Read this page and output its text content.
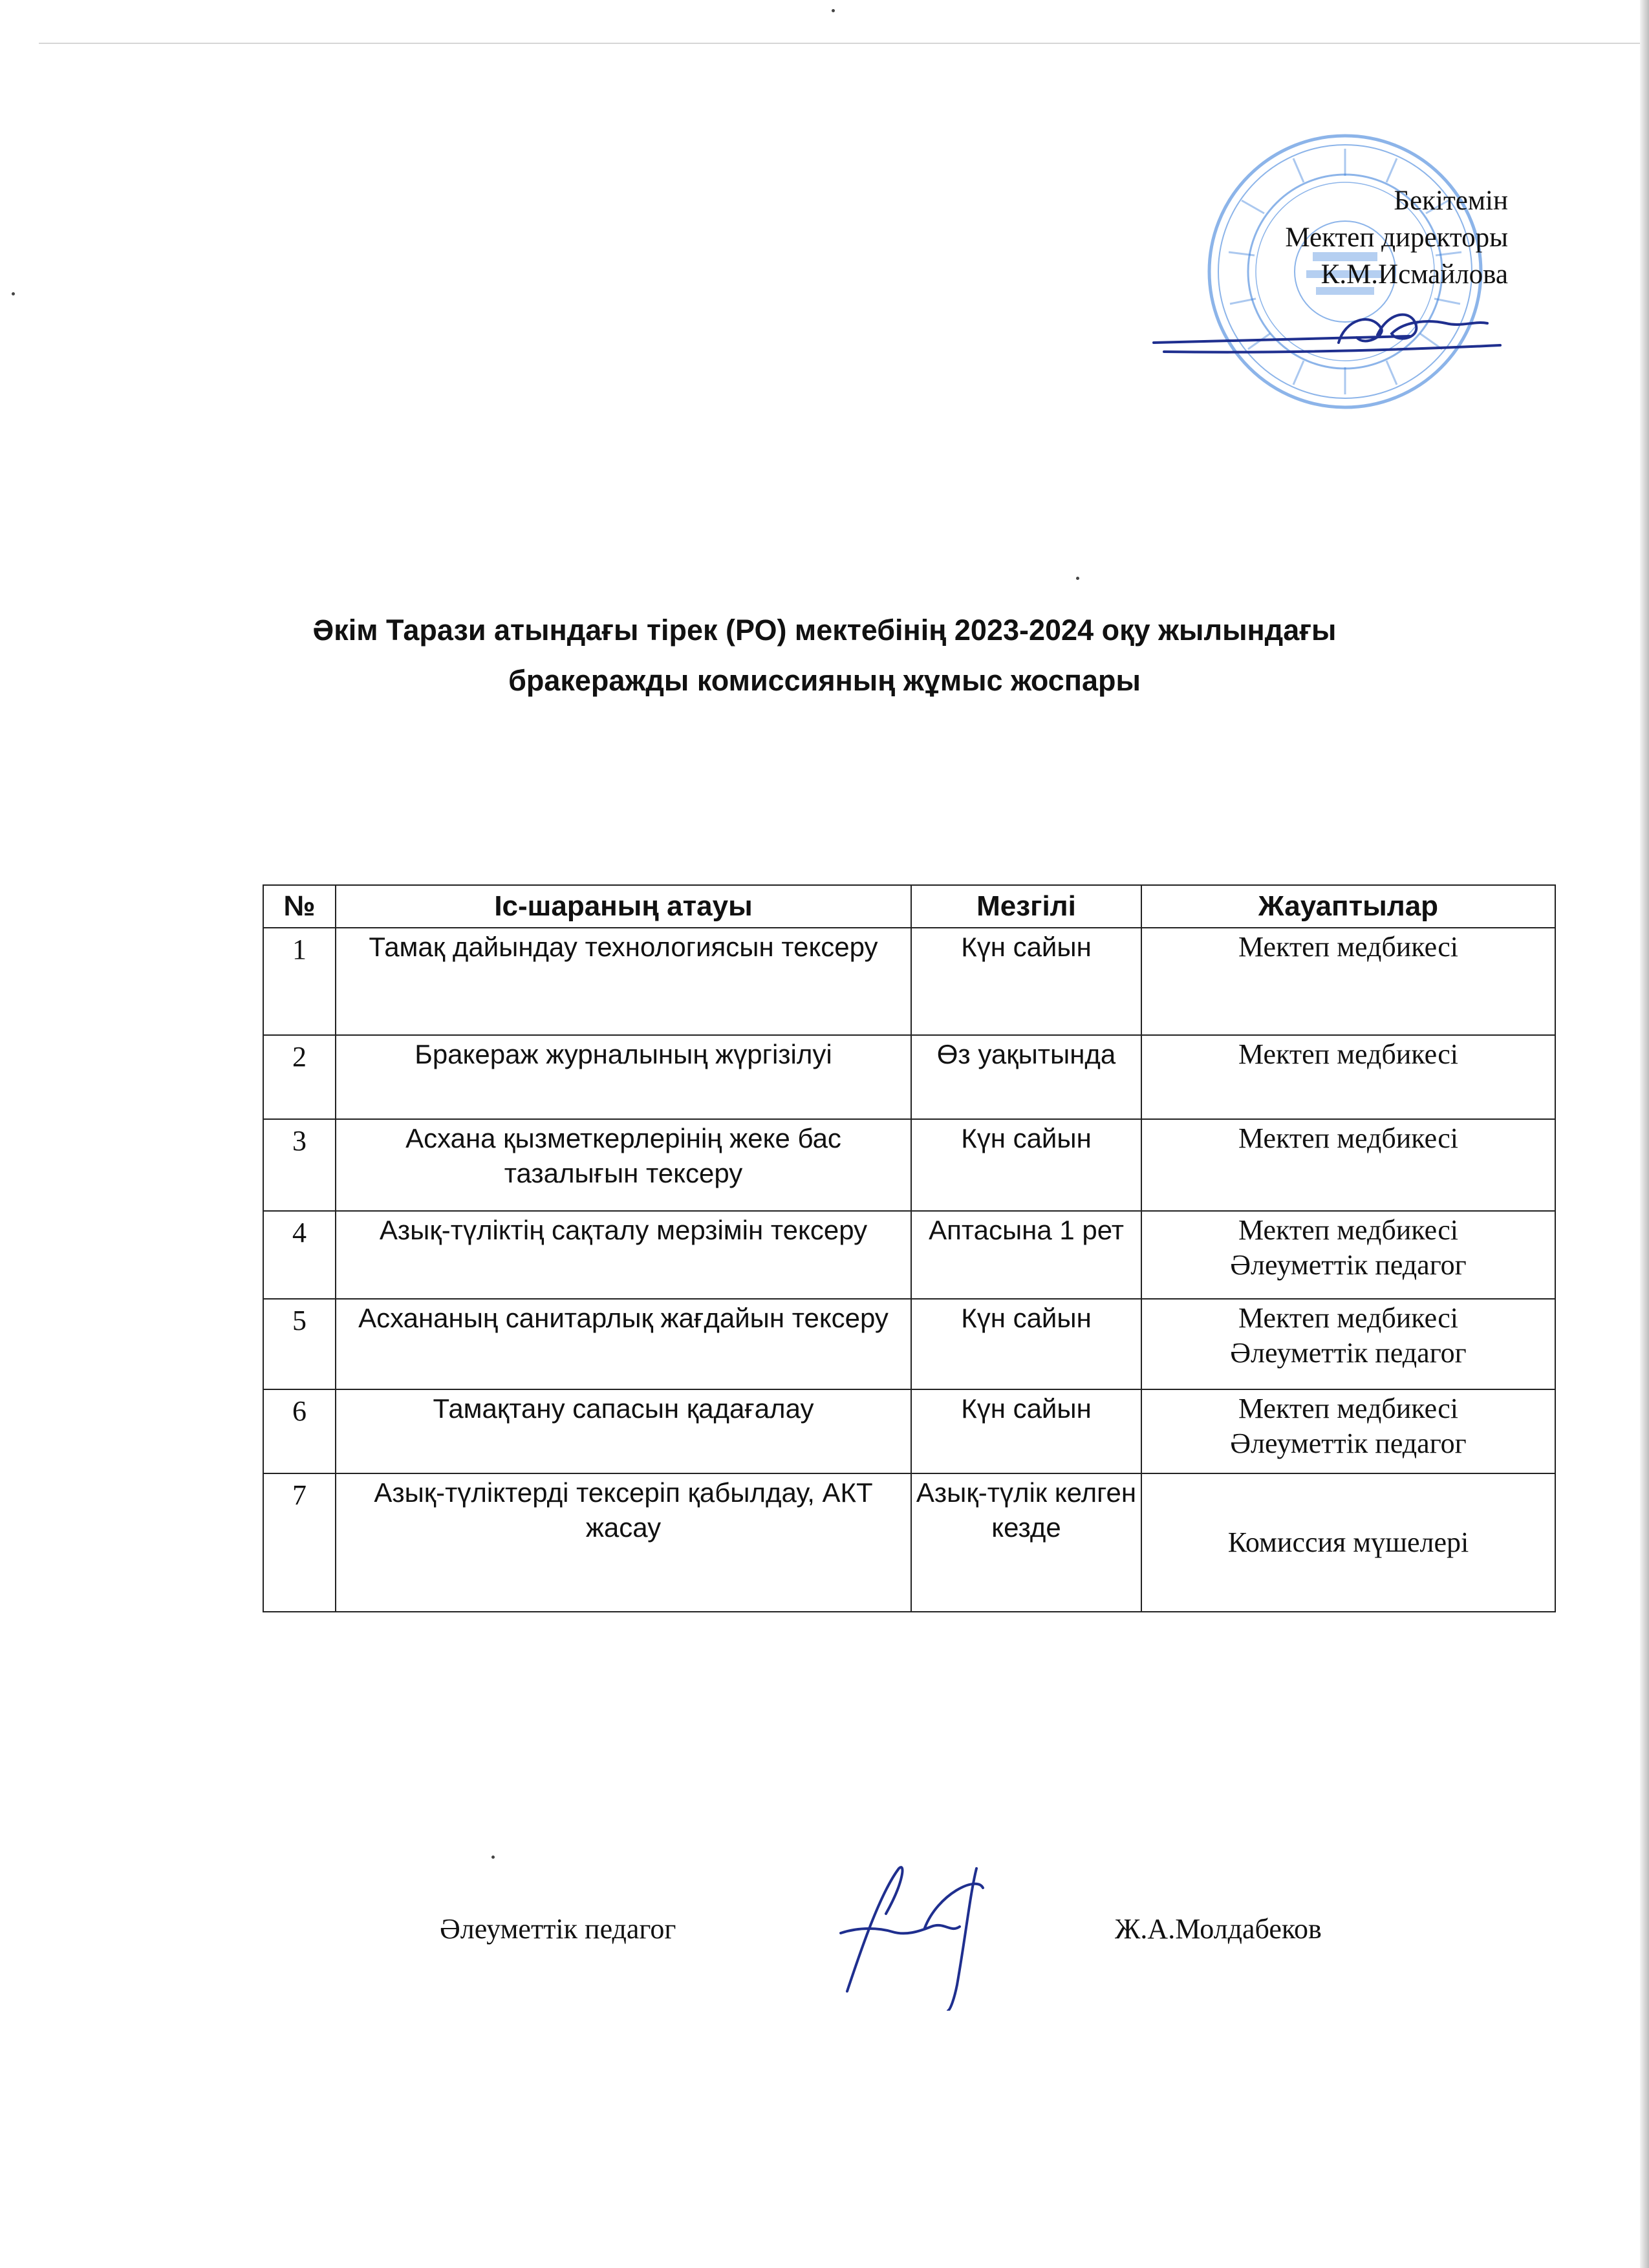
Бекітемін
Мектеп директоры
К.М.Исмайлова
Әкім Тарази атындағы тірек (РО) мектебінің 2023-2024 оқу жылындағы
бракеражды комиссияның жұмыс жоспары
№	Іс-шараның атауы	Мезгілі	Жауаптылар
1	Тамақ дайындау технологиясын тексеру	Күн сайын	Мектеп медбикесі

2	Бракераж журналының жүргізілуі	Өз уақытында	Мектеп медбикесі

3	Асхана қызметкерлерінің жеке бас тазалығын тексеру	Күн сайын	Мектеп медбикесі

4	Азық-түліктің сақталу мерзімін тексеру	Аптасына 1 рет	Мектеп медбикесі
Әлеуметтік педагог

5	Асхананың санитарлық жағдайын тексеру	Күн сайын	Мектеп медбикесі
Әлеуметтік педагог

6	Тамақтану сапасын қадағалау	Күн сайын	Мектеп медбикесі
Әлеуметтік педагог

7	Азық-түліктерді тексеріп қабылдау, АКТ жасау	Азық-түлік келген кезде	Комиссия мүшелері
Әлеуметтік педагог	Ж.А.Молдабеков
